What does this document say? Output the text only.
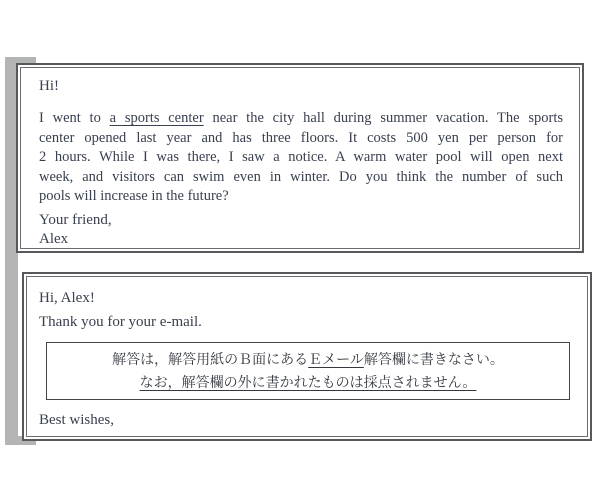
Hi!
I went to a sports center near the city hall during summer vacation. The sports
center opened last year and has three floors. It costs 500 yen per person for
2 hours. While I was there, I saw a notice. A warm water pool will open next
week, and visitors can swim even in winter. Do you think the number of such
pools will increase in the future?
Your friend,
Alex
Hi, Alex!
Thank you for your e-mail.
解答は，解答用紙のＢ面にあるＥメール解答欄に書きなさい。
なお，解答欄の外に書かれたものは採点されません。
Best wishes,
